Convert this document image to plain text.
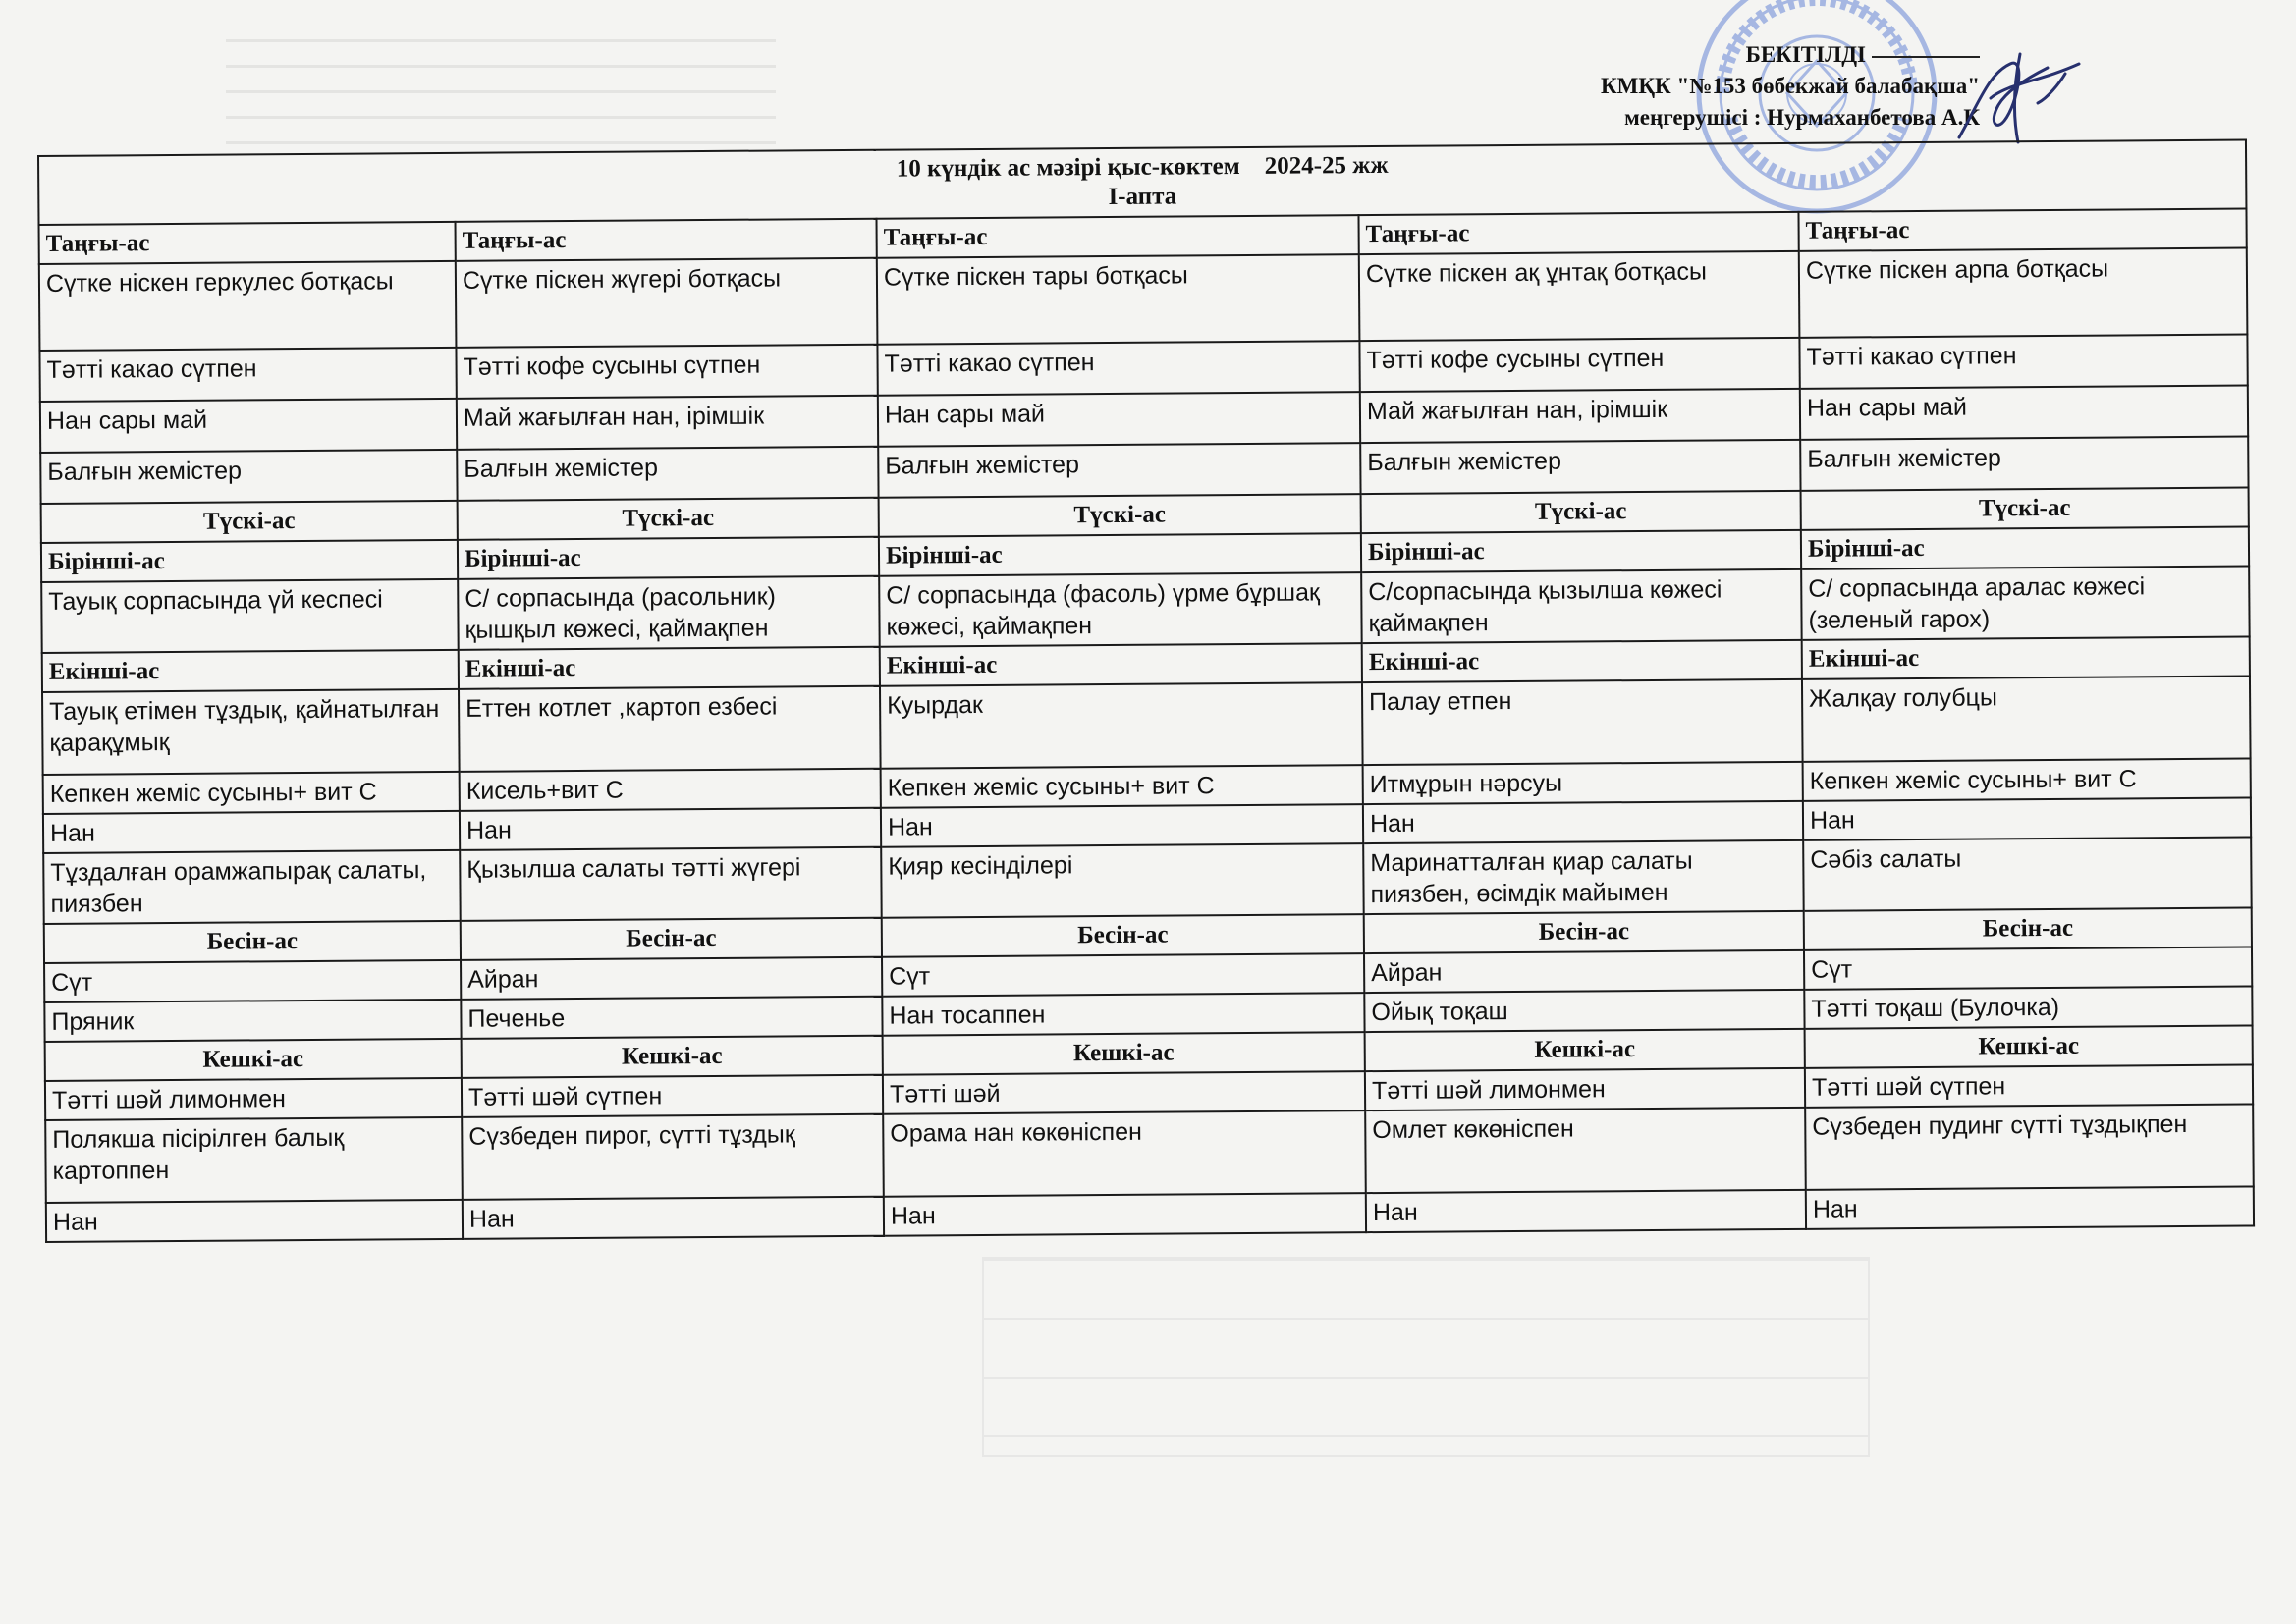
БЕКІТІЛДІ
КМҚК "№153 бөбекжай балабақша"
меңгерушісі : Нурмаханбетова А.К
10 күндік ас мәзірі қыс-көктем    2024-25 жж
І-апта				

Таңғы-ас	Таңғы-ас	Таңғы-ас	Таңғы-ас	Таңғы-ас
Сүтке ніскен геркулес ботқасы	Сүтке піскен жүгері ботқасы	Сүтке піскен тары ботқасы	Сүтке піскен ақ ұнтақ ботқасы	Сүтке піскен арпа ботқасы
Тәтті какао сүтпен	Тәтті кофе сусыны сүтпен	Тәтті какао сүтпен	Тәтті кофе сусыны сүтпен	Тәтті какао сүтпен
Нан сары май	Май жағылған нан, ірімшік	Нан сары май	Май жағылған нан, ірімшік	Нан сары май
Балғын жемістер	Балғын жемістер	Балғын жемістер	Балғын жемістер	Балғын жемістер
Түскі-ас	Түскі-ас	Түскі-ас	Түскі-ас	Түскі-ас
Бірінші-ас	Бірінші-ас	Бірінші-ас	Бірінші-ас	Бірінші-ас
Тауық сорпасында үй кеспесі	С/ сорпасында (расольник) қышқыл көжесі, қаймақпен	С/ сорпасында (фасоль) үрме бұршақ көжесі, қаймақпен	С/сорпасында қызылша көжесі қаймақпен	С/ сорпасында аралас көжесі (зеленый гарох)
Екінші-ас	Екінші-ас	Екінші-ас	Екінші-ас	Екінші-ас
Тауық етімен тұздық, қайнатылған қарақұмық	Еттен котлет ,картоп езбесі	Куырдак	Палау етпен	Жалқау голубцы
Кепкен жеміс сусыны+ вит С	Кисель+вит С	Кепкен жеміс сусыны+ вит С	Итмұрын нәрсуы	Кепкен жеміс сусыны+ вит С
Нан	Нан	Нан	Нан	Нан
Тұздалған орамжапырақ салаты, пиязбен	Қызылша салаты тәтті жүгері	Қияр кесінділері	Маринатталған қиар салаты пиязбен, өсімдік майымен	Сәбіз салаты
Бесін-ас	Бесін-ас	Бесін-ас	Бесін-ас	Бесін-ас
Сүт	Айран	Сүт	Айран	Сүт
Пряник	Печенье	Нан тосаппен	Ойық тоқаш	Тәтті тоқаш (Булочка)
Кешкі-ас	Кешкі-ас	Кешкі-ас	Кешкі-ас	Кешкі-ас
Тәтті шәй лимонмен	Тәтті шәй сүтпен	Тәтті шәй	Тәтті шәй лимонмен	Тәтті шәй сүтпен
Полякша пісірілген балық картоппен	Сүзбеден пирог, сүтті тұздық	Орама нан көкөніспен	Омлет көкөніспен	Сүзбеден пудинг сүтті тұздықпен
Нан	Нан	Нан	Нан	Нан
